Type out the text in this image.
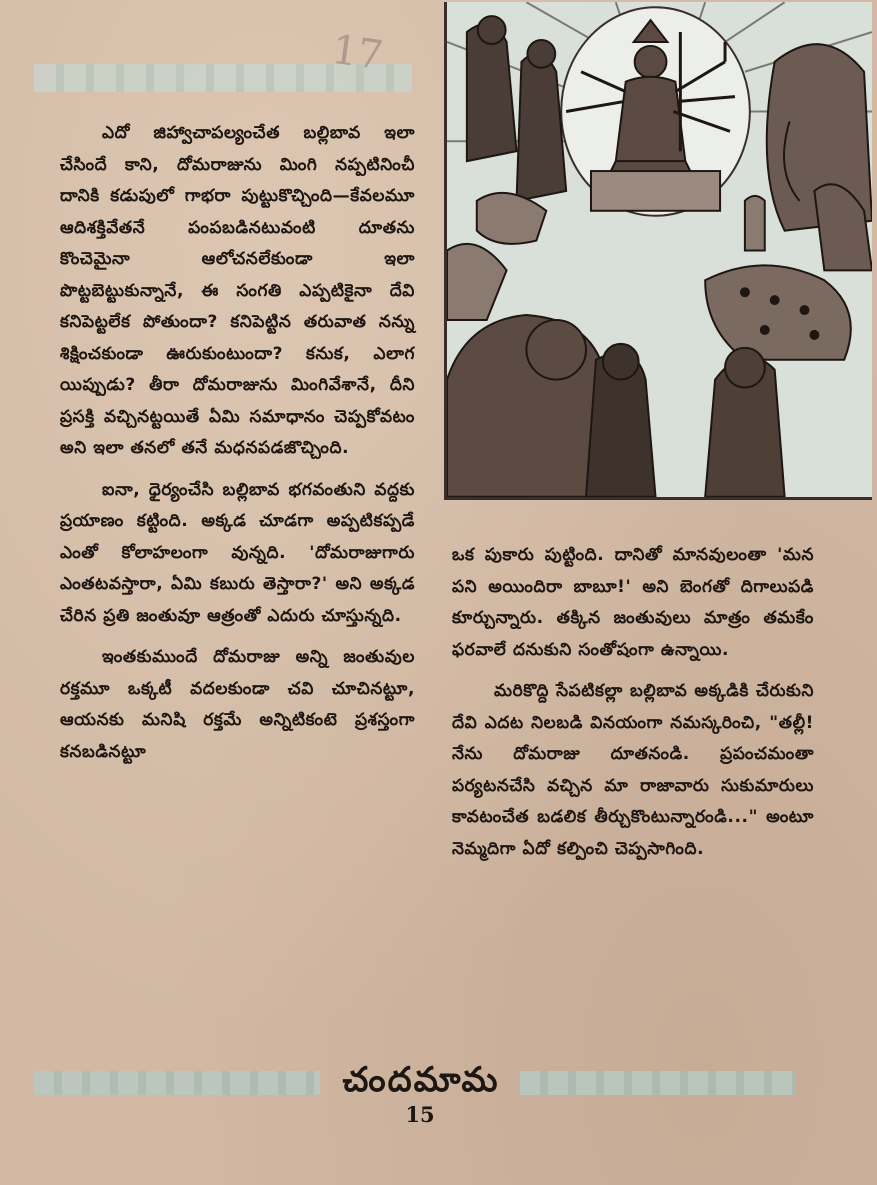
17

ఎదో జిహ్వాచాపల్యంచేత బల్లిబావ ఇలా చేసిందే కాని, దోమరాజును మింగి నప్పటినించీ దానికి కడుపులో గాభరా పుట్టుకొచ్చింది—కేవలమూ ఆదిశక్తివేతనే పంపబడినటువంటి దూతను కొంచెమైనా ఆలోచనలేకుండా ఇలా పొట్టబెట్టుకున్నానే, ఈ సంగతి ఎప్పటికైనా దేవి కనిపెట్టలేక పోతుందా? కనిపెట్టిన తరువాత నన్ను శిక్షించకుండా ఊరుకుంటుందా? కనుక, ఎలాగ యిప్పుడు? తీరా దోమరాజును మింగివేశానే, దీని ప్రసక్తి వచ్చినట్టయితే ఏమి సమాధానం చెప్పకోవటం అని ఇలా తనలో తనే మధనపడజొచ్చింది.

ఐనా, ధైర్యంచేసి బల్లిబావ భగవంతుని వద్దకు ప్రయాణం కట్టింది. అక్కడ చూడగా అప్పటికప్పడే ఎంతో కోలాహలంగా వున్నది. 'దోమరాజుగారు ఎంతటవస్తారా, ఏమి కబురు తెస్తారా?' అని అక్కడ చేరిన ప్రతి జంతువూ ఆత్రంతో ఎదురు చూస్తున్నది.

ఇంతకుముందే దోమరాజు అన్ని జంతువుల రక్తమూ ఒక్కటీ వదలకుండా చవి చూచినట్టూ, ఆయనకు మనిషి రక్తమే అన్నిటికంటె ప్రశస్తంగా కనబడినట్టూ

ఒక పుకారు పుట్టింది. దానితో మానవులంతా 'మన పని అయిందిరా బాబూ!' అని బెంగతో దిగాలుపడి కూర్చున్నారు. తక్కిన జంతువులు మాత్రం తమకేం ఫరవాలే దనుకుని సంతోషంగా ఉన్నాయి.

మరికొద్ది సేపటికల్లా బల్లిబావ అక్కడికి చేరుకుని దేవి ఎదట నిలబడి వినయంగా నమస్కరించి, "తల్లీ! నేను దోమరాజు దూతనండి. ప్రపంచమంతా పర్యటనచేసి వచ్చిన మా రాజావారు సుకుమారులు కావటంచేత బడలిక తీర్చుకొంటున్నారండి..." అంటూ నెమ్మదిగా ఏదో కల్పించి చెప్పసాగింది.

చందమామ
15
